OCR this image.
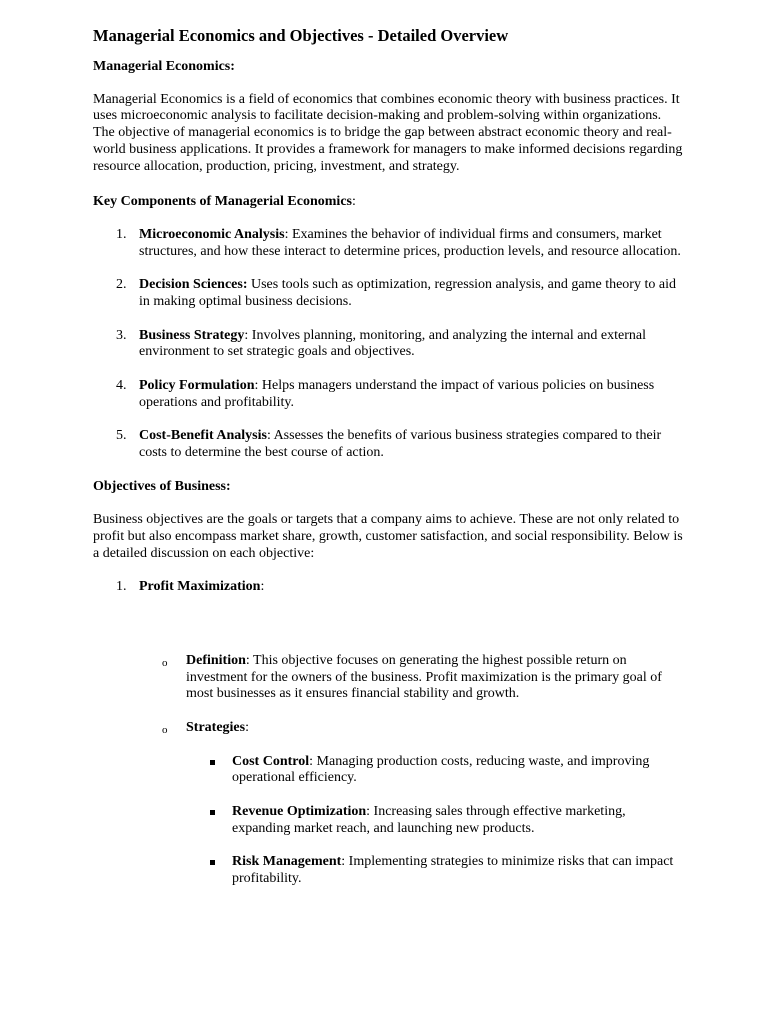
Managerial Economics and Objectives - Detailed Overview
Managerial Economics:

Managerial Economics is a field of economics that combines economic theory with business practices. It uses microeconomic analysis to facilitate decision-making and problem-solving within organizations. The objective of managerial economics is to bridge the gap between abstract economic theory and real-world business applications. It provides a framework for managers to make informed decisions regarding resource allocation, production, pricing, investment, and strategy.

Key Components of Managerial Economics:
1. Microeconomic Analysis: Examines the behavior of individual firms and consumers, market structures, and how these interact to determine prices, production levels, and resource allocation.
2. Decision Sciences: Uses tools such as optimization, regression analysis, and game theory to aid in making optimal business decisions.
3. Business Strategy: Involves planning, monitoring, and analyzing the internal and external environment to set strategic goals and objectives.
4. Policy Formulation: Helps managers understand the impact of various policies on business operations and profitability.
5. Cost-Benefit Analysis: Assesses the benefits of various business strategies compared to their costs to determine the best course of action.
Objectives of Business:

Business objectives are the goals or targets that a company aims to achieve. These are not only related to profit but also encompass market share, growth, customer satisfaction, and social responsibility. Below is a detailed discussion on each objective:

1. Profit Maximization:
o Definition: This objective focuses on generating the highest possible return on investment for the owners of the business. Profit maximization is the primary goal of most businesses as it ensures financial stability and growth.
o Strategies:
Cost Control: Managing production costs, reducing waste, and improving operational efficiency.
Revenue Optimization: Increasing sales through effective marketing, expanding market reach, and launching new products.
Risk Management: Implementing strategies to minimize risks that can impact profitability.
